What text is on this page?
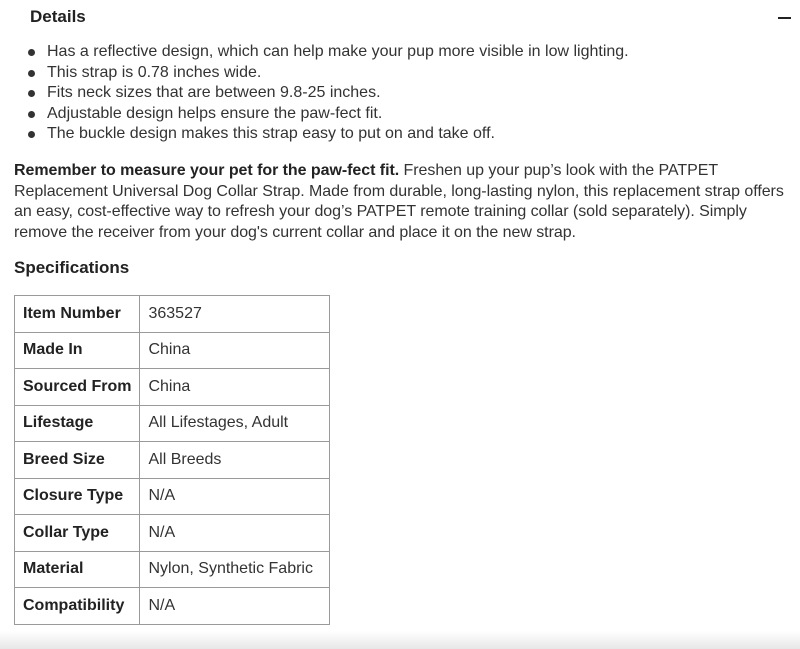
Details
Has a reflective design, which can help make your pup more visible in low lighting.
This strap is 0.78 inches wide.
Fits neck sizes that are between 9.8-25 inches.
Adjustable design helps ensure the paw-fect fit.
The buckle design makes this strap easy to put on and take off.

Remember to measure your pet for the paw-fect fit. Freshen up your pup’s look with the PATPET Replacement Universal Dog Collar Strap. Made from durable, long-lasting nylon, this replacement strap offers an easy, cost-effective way to refresh your dog’s PATPET remote training collar (sold separately). Simply remove the receiver from your dog's current collar and place it on the new strap.

Specifications
Item Number	363527
Made In	China
Sourced From	China
Lifestage	All Lifestages, Adult
Breed Size	All Breeds
Closure Type	N/A
Collar Type	N/A
Material	Nylon, Synthetic Fabric
Compatibility	N/A
